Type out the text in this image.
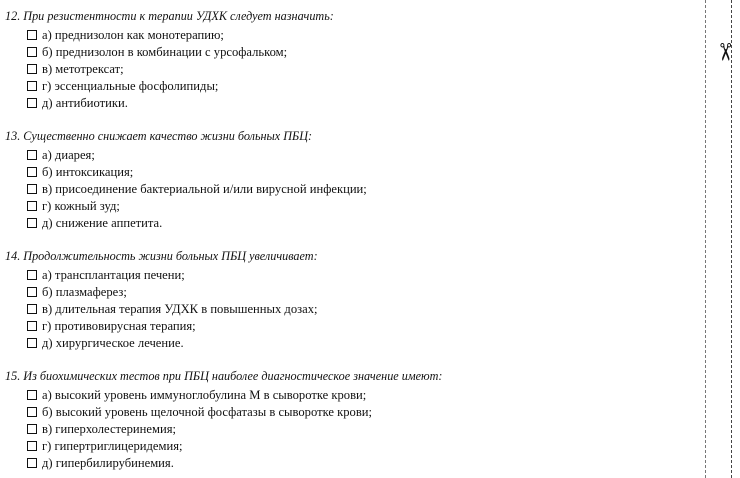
12. При резистентности к терапии УДХК следует назначить:
а) преднизолон как монотерапию;
б) преднизолон в комбинации с урсофальком;
в) метотрексат;
г) эссенциальные фосфолипиды;
д) антибиотики.
13. Существенно снижает качество жизни больных ПБЦ:
а) диарея;
б) интоксикация;
в) присоединение бактериальной и/или вирусной инфекции;
г) кожный зуд;
д) снижение аппетита.
14. Продолжительность жизни больных ПБЦ увеличивает:
а) трансплантация печени;
б) плазмаферез;
в) длительная терапия УДХК в повышенных дозах;
г) противовирусная терапия;
д) хирургическое лечение.
15. Из биохимических тестов при ПБЦ наиболее диагностическое значение имеют:
а) высокий уровень иммуноглобулина М в сыворотке крови;
б) высокий уровень щелочной фосфатазы в сыворотке крови;
в) гиперхолестеринемия;
г) гипертриглицеридемия;
д) гипербилирубинемия.
✂
